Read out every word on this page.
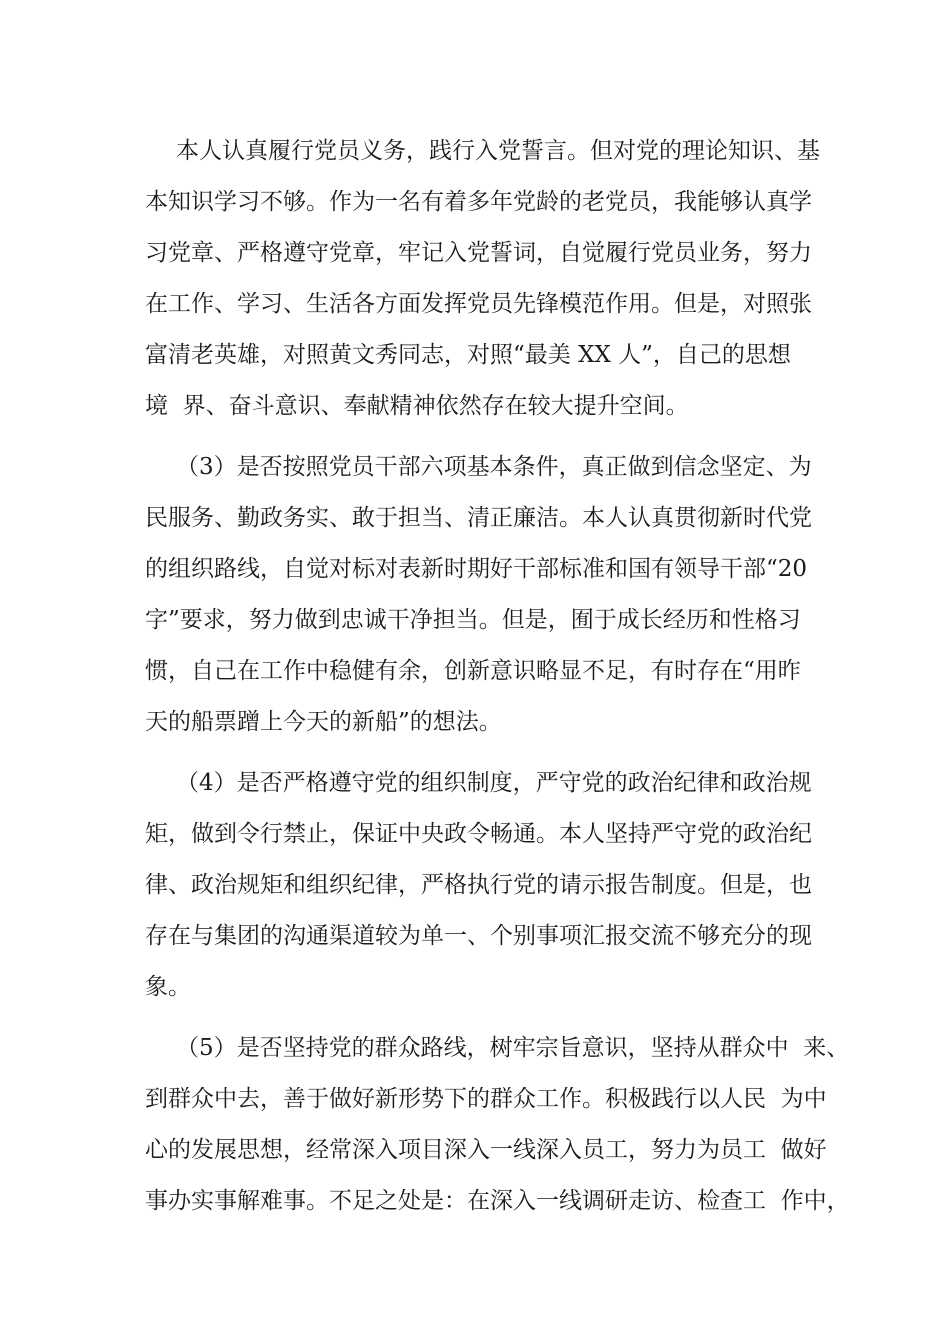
本人认真履行党员义务，践行入党誓言。但对党的理论知识、基
本知识学习不够。作为一名有着多年党龄的老党员，我能够认真学
习党章、严格遵守党章，牢记入党誓词，自觉履行党员业务，努力
在工作、学习、生活各方面发挥党员先锋模范作用。但是，对照张
富清老英雄，对照黄文秀同志，对照“最美 XX 人”，自己的思想
境  界、奋斗意识、奉献精神依然存在较大提升空间。
（3）是否按照党员干部六项基本条件，真正做到信念坚定、为
民服务、勤政务实、敢于担当、清正廉洁。本人认真贯彻新时代党
的组织路线，自觉对标对表新时期好干部标准和国有领导干部“20
字”要求，努力做到忠诚干净担当。但是，囿于成长经历和性格习
惯，自己在工作中稳健有余，创新意识略显不足，有时存在“用昨
天的船票蹭上今天的新船”的想法。
（4）是否严格遵守党的组织制度，严守党的政治纪律和政治规
矩，做到令行禁止，保证中央政令畅通。本人坚持严守党的政治纪
律、政治规矩和组织纪律，严格执行党的请示报告制度。但是，也
存在与集团的沟通渠道较为单一、个别事项汇报交流不够充分的现
象。
（5）是否坚持党的群众路线，树牢宗旨意识，坚持从群众中  来、
到群众中去，善于做好新形势下的群众工作。积极践行以人民  为中
心的发展思想，经常深入项目深入一线深入员工，努力为员工  做好
事办实事解难事。不足之处是：在深入一线调研走访、检查工  作中，
